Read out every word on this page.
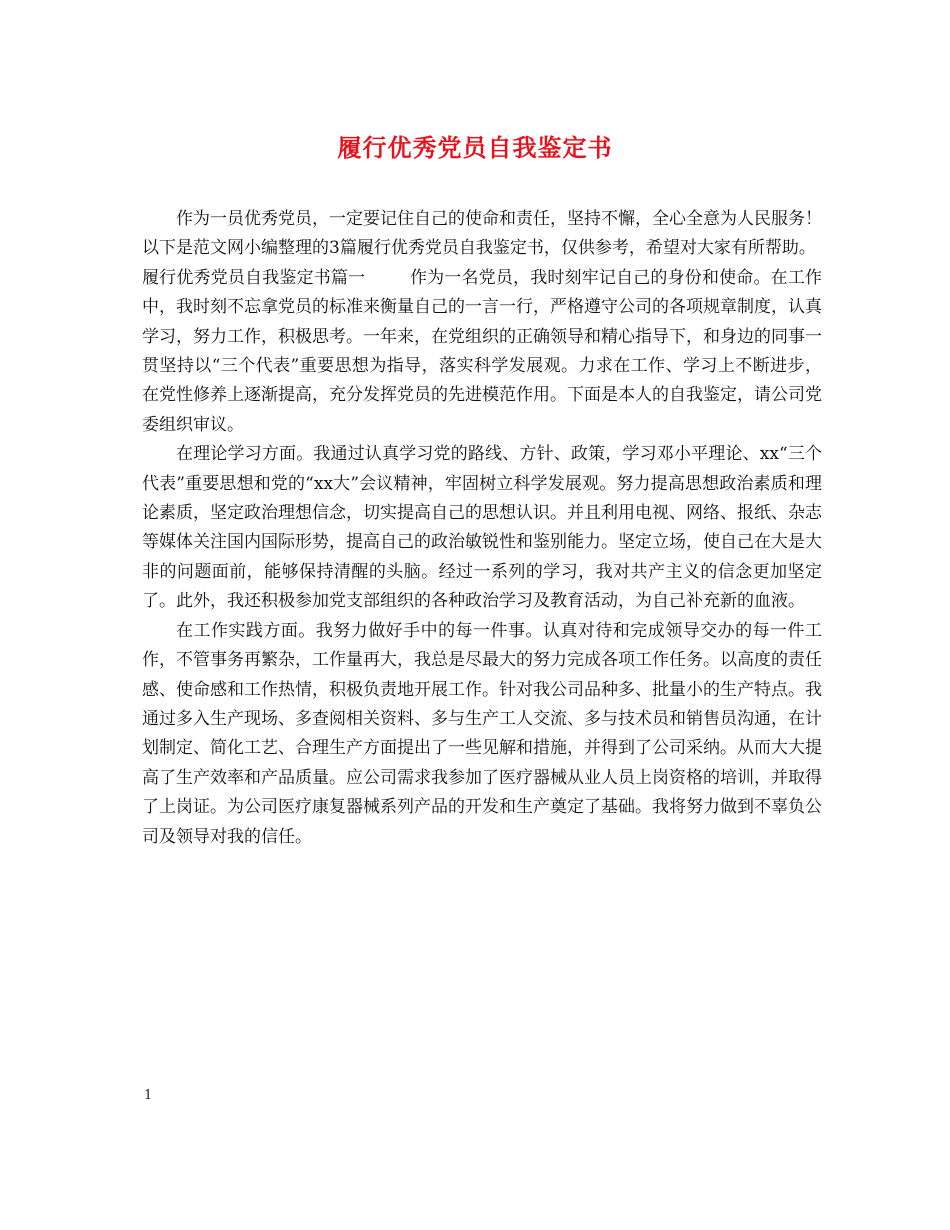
履行优秀党员自我鉴定书

作为一员优秀党员，一定要记住自己的使命和责任，坚持不懈，全心全意为人民服务！以下是范文网小编整理的3篇履行优秀党员自我鉴定书，仅供参考，希望对大家有所帮助。

履行优秀党员自我鉴定书篇一	作为一名党员，我时刻牢记自己的身份和使命。在工作中，我时刻不忘拿党员的标准来衡量自己的一言一行，严格遵守公司的各项规章制度，认真学习，努力工作，积极思考。一年来，在党组织的正确领导和精心指导下，和身边的同事一贯坚持以“三个代表”重要思想为指导，落实科学发展观。力求在工作、学习上不断进步，在党性修养上逐渐提高，充分发挥党员的先进模范作用。下面是本人的自我鉴定，请公司党委组织审议。

在理论学习方面。我通过认真学习党的路线、方针、政策，学习邓小平理论、xx“三个代表”重要思想和党的“xx大”会议精神，牢固树立科学发展观。努力提高思想政治素质和理论素质，坚定政治理想信念，切实提高自己的思想认识。并且利用电视、网络、报纸、杂志等媒体关注国内国际形势，提高自己的政治敏锐性和鉴别能力。坚定立场，使自己在大是大非的问题面前，能够保持清醒的头脑。经过一系列的学习，我对共产主义的信念更加坚定了。此外，我还积极参加党支部组织的各种政治学习及教育活动，为自己补充新的血液。

在工作实践方面。我努力做好手中的每一件事。认真对待和完成领导交办的每一件工作，不管事务再繁杂，工作量再大，我总是尽最大的努力完成各项工作任务。以高度的责任感、使命感和工作热情，积极负责地开展工作。针对我公司品种多、批量小的生产特点。我通过多入生产现场、多查阅相关资料、多与生产工人交流、多与技术员和销售员沟通，在计划制定、简化工艺、合理生产方面提出了一些见解和措施，并得到了公司采纳。从而大大提高了生产效率和产品质量。应公司需求我参加了医疗器械从业人员上岗资格的培训，并取得了上岗证。为公司医疗康复器械系列产品的开发和生产奠定了基础。我将努力做到不辜负公司及领导对我的信任。

1
